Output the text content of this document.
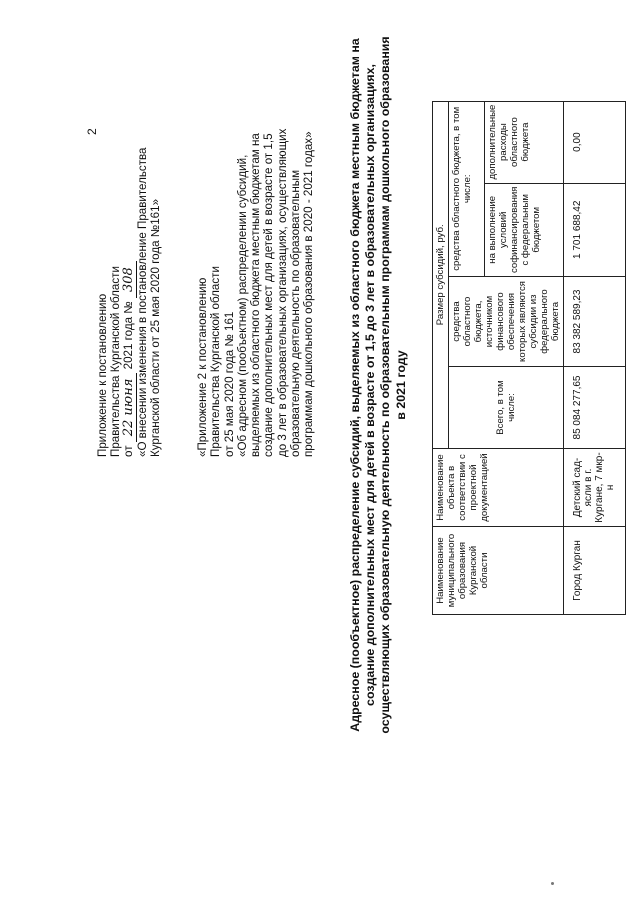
2
Приложение к постановлению Правительства Курганской области от 22 июня 2021 года № 308 «О внесении изменения в постановление Правительства Курганской области от 25 мая 2020 года №161»	«Приложение 2 к постановлению Правительства Курганской области от 25 мая 2020 года № 161 «Об адресном (пообъектном) распределении субсидий, выделяемых из областного бюджета местным бюджетам на создание дополнительных мест для детей в возрасте от 1,5 до 3 лет в образовательных организациях, осуществляющих образовательную деятельность по образовательным программам дошкольного образования в 2020 - 2021 годах»	Адресное (пообъектное) распределение субсидий, выделяемых из областного бюджета местным бюджетам на создание дополнительных мест для детей в возрасте от 1,5 до 3 лет в образовательных организациях, осуществляющих образовательную деятельность по образовательным программам дошкольного образования в 2021 году
Наименование муниципального образования Курганской области	Наименование объекта в соответствии с проектной документацией	Размер субсидий, руб.			
		Всего, в том числе:	средства областного бюджета, источником финансового обеспечения которых являются субсидии из федерального бюджета	средства областного бюджета, в том числе:	
				на выполнение условий софинансирования с федеральным бюджетом	дополнительные расходы областного бюджета
Город Курган	Детский сад-ясли в г. Кургане, 7 мкр-н	85 084 277,65	83 382 589,23	1 701 688,42	0,00
